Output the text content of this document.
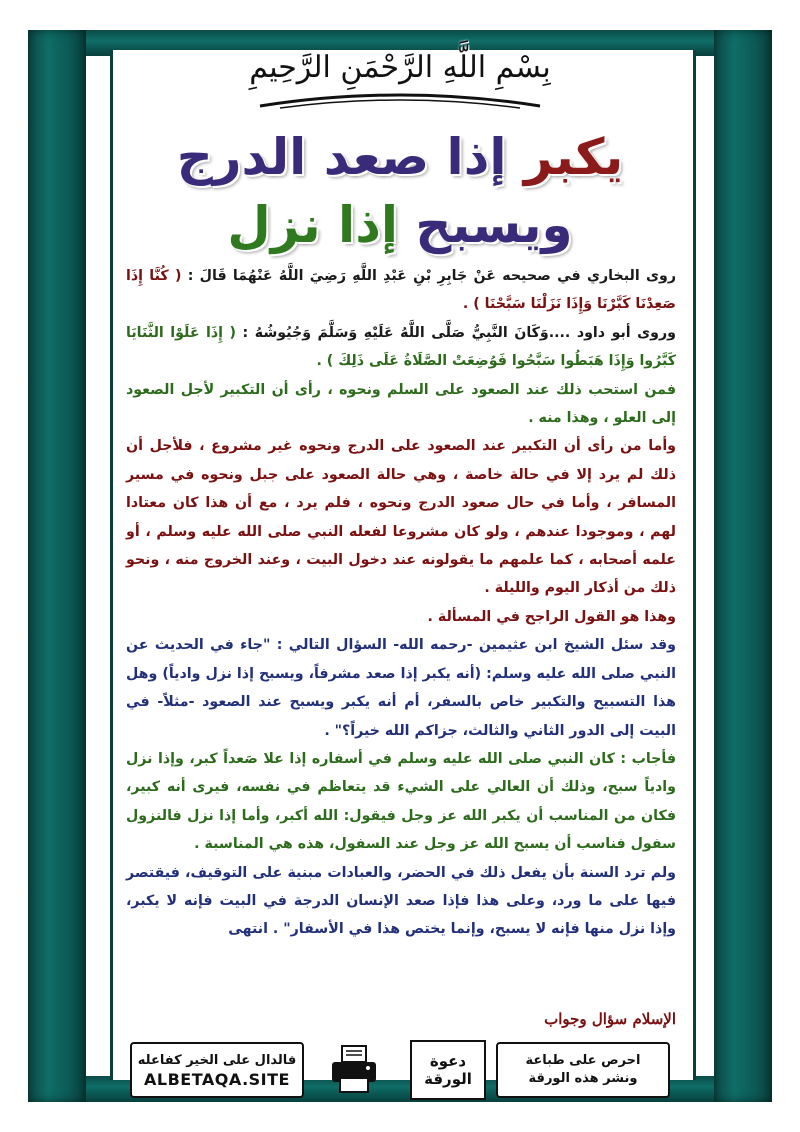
بِسْمِ اللَّهِ الرَّحْمَنِ الرَّحِيمِ
يكبر إذا صعد الدرج
ويسبح إذا نزل

روى البخاري في صحيحه عَنْ جَابِرِ بْنِ عَبْدِ اللَّهِ رَضِيَ اللَّهُ عَنْهُمَا قَالَ : ( كُنَّا إِذَا صَعِدْنَا كَبَّرْنَا وَإِذَا نَزَلْنَا سَبَّحْنَا ) .

وروى أبو داود ....وَكَانَ النَّبِيُّ صَلَّى اللَّهُ عَلَيْهِ وَسَلَّمَ وَجُيُوشُهُ : ( إِذَا عَلَوْا الثَّنَايَا كَبَّرُوا وَإِذَا هَبَطُوا سَبَّحُوا فَوُضِعَتْ الصَّلَاةُ عَلَى ذَلِكَ ) .

فمن استحب ذلك عند الصعود على السلم ونحوه ، رأى أن التكبير لأجل الصعود إلى العلو ، وهذا منه .

وأما من رأى أن التكبير عند الصعود على الدرج ونحوه غير مشروع ، فلأجل أن ذلك لم يرد إلا في حالة خاصة ، وهي حالة الصعود على جبل ونحوه في مسير المسافر ، وأما في حال صعود الدرج ونحوه ، فلم يرد ، مع أن هذا كان معتادا لهم ، وموجودا عندهم ، ولو كان مشروعا لفعله النبي صلى الله عليه وسلم ، أو علمه أصحابه ، كما علمهم ما يقولونه عند دخول البيت ، وعند الخروج منه ، ونحو ذلك من أذكار اليوم والليلة .

وهذا هو القول الراجح في المسألة .

وقد سئل الشيخ ابن عثيمين -رحمه الله- السؤال التالي : "جاء في الحديث عن النبي صلى الله عليه وسلم: (أنه يكبر إذا صعد مشرفاً، ويسبح إذا نزل وادياً) وهل هذا التسبيح والتكبير خاص بالسفر، أم أنه يكبر ويسبح عند الصعود -مثلاً- في البيت إلى الدور الثاني والثالث، جزاكم الله خيراً؟" .

فأجاب : كان النبي صلى الله عليه وسلم في أسفاره إذا علا صَعداً كبر، وإذا نزل وادياً سبح، وذلك أن العالي على الشيء قد يتعاظم في نفسه، فيرى أنه كبير، فكان من المناسب أن يكبر الله عز وجل فيقول: الله أكبر، وأما إذا نزل فالنزول سفول فناسب أن يسبح الله عز وجل عند السفول، هذه هي المناسبة .

ولم ترد السنة بأن يفعل ذلك في الحضر، والعبادات مبنية على التوقيف، فيقتصر فيها على ما ورد، وعلى هذا فإذا صعد الإنسان الدرجة في البيت فإنه لا يكبر، وإذا نزل منها فإنه لا يسبح، وإنما يختص هذا في الأسفار" . انتهى

الإسلام سؤال وجواب
احرص على طباعة
ونشر هذه الورقة
دعوة
الورقة
فالدال على الخير كفاعله
ALBETAQA.SITE
